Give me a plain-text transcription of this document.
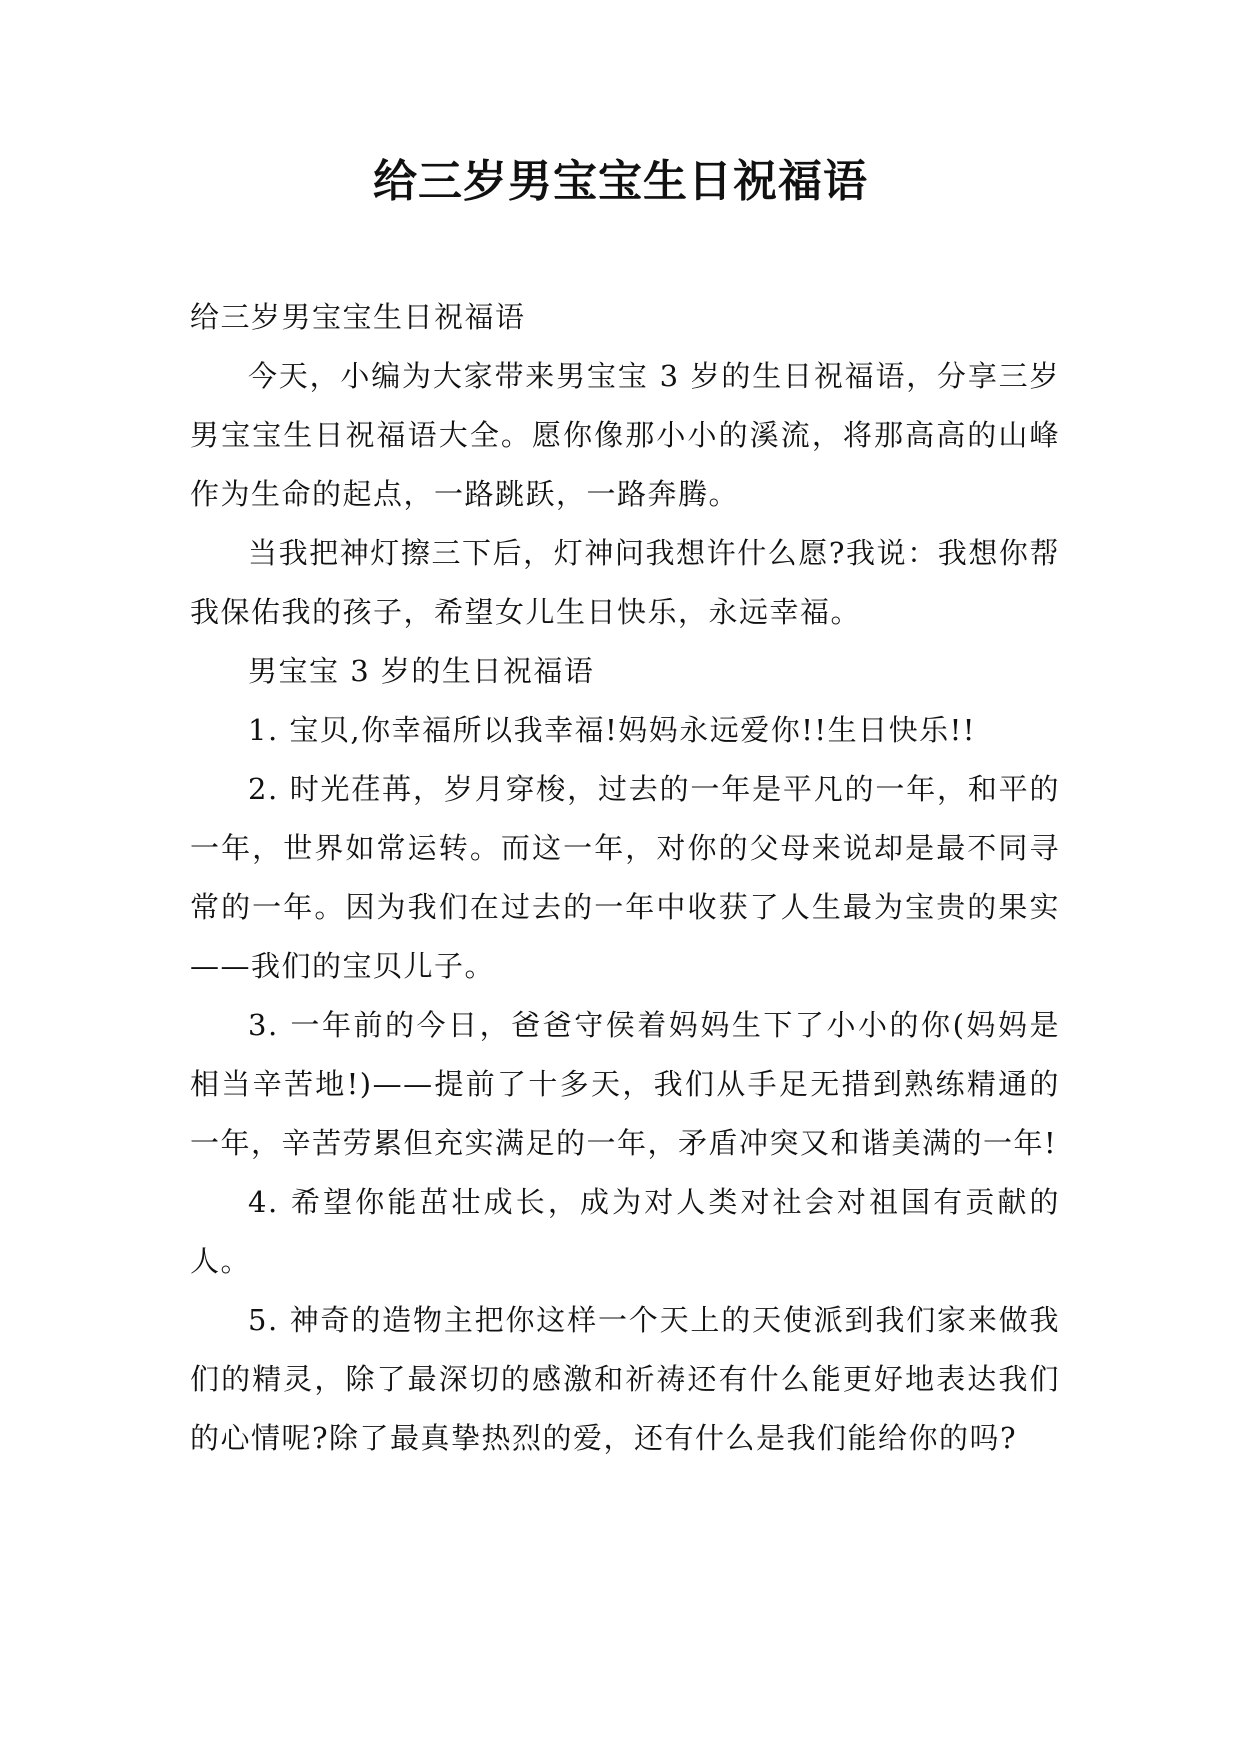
给三岁男宝宝生日祝福语

给三岁男宝宝生日祝福语

今天，小编为大家带来男宝宝 3 岁的生日祝福语，分享三岁男宝宝生日祝福语大全。愿你像那小小的溪流，将那高高的山峰作为生命的起点，一路跳跃，一路奔腾。

当我把神灯擦三下后，灯神问我想许什么愿?我说：我想你帮我保佑我的孩子，希望女儿生日快乐，永远幸福。

男宝宝 3 岁的生日祝福语

1. 宝贝,你幸福所以我幸福!妈妈永远爱你!!生日快乐!!

2. 时光荏苒，岁月穿梭，过去的一年是平凡的一年，和平的一年，世界如常运转。而这一年，对你的父母来说却是最不同寻常的一年。因为我们在过去的一年中收获了人生最为宝贵的果实——我们的宝贝儿子。

3. 一年前的今日，爸爸守侯着妈妈生下了小小的你(妈妈是相当辛苦地!)——提前了十多天，我们从手足无措到熟练精通的一年，辛苦劳累但充实满足的一年，矛盾冲突又和谐美满的一年!

4. 希望你能茁壮成长，成为对人类对社会对祖国有贡献的人。

5. 神奇的造物主把你这样一个天上的天使派到我们家来做我们的精灵，除了最深切的感激和祈祷还有什么能更好地表达我们的心情呢?除了最真挚热烈的爱，还有什么是我们能给你的吗?
